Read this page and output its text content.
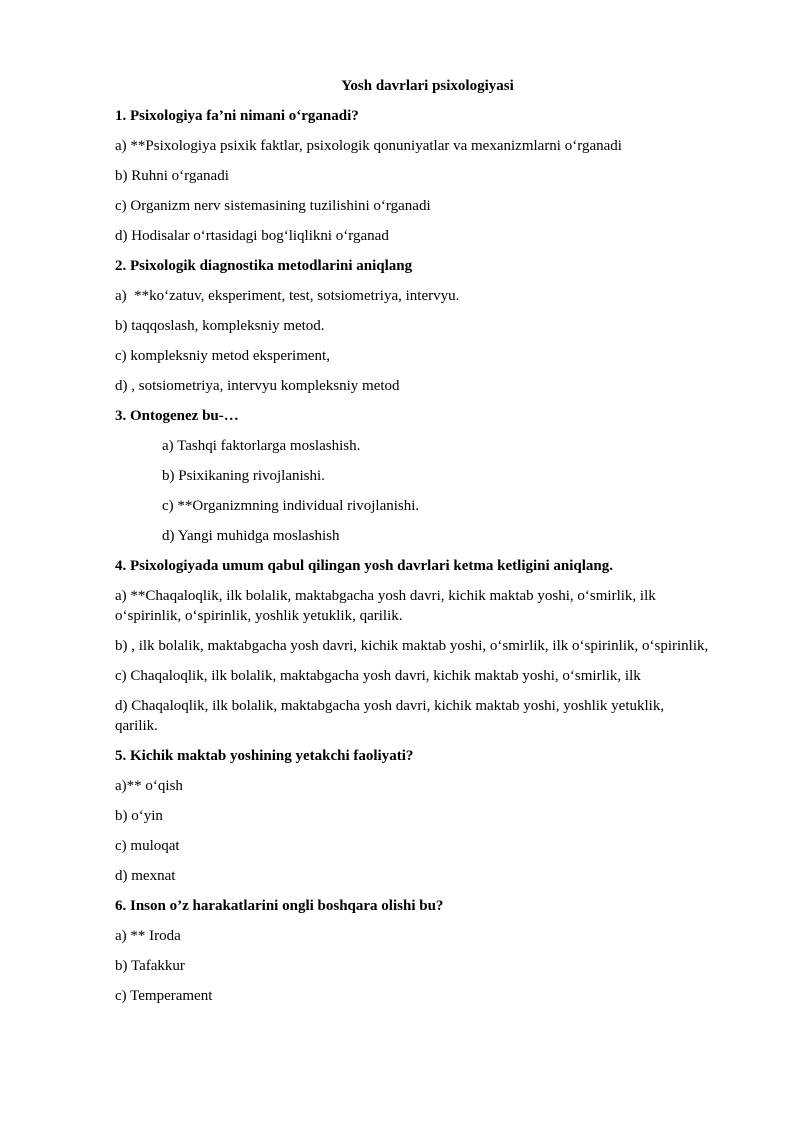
Yosh davrlari psixologiyasi
1. Psixologiya fa’ni nimani o‘rganadi?
a) **Psixologiya psixik faktlar, psixologik qonuniyatlar va mexanizmlarni o‘rganadi
b) Ruhni o‘rganadi
c) Organizm nerv sistemasining tuzilishini o‘rganadi
d) Hodisalar o‘rtasidagi bog‘liqlikni o‘rganad
2. Psixologik diagnostika metodlarini aniqlang
a)  **ko‘zatuv, eksperiment, test, sotsiometriya, intervyu.
b) taqqoslash, kompleksniy metod.
c) kompleksniy metod eksperiment,
d) , sotsiometriya, intervyu kompleksniy metod
3. Ontogenez bu-…
a) Tashqi faktorlarga moslashish.
b) Psixikaning rivojlanishi.
c) **Organizmning individual rivojlanishi.
d) Yangi muhidga moslashish
4. Psixologiyada umum qabul qilingan yosh davrlari ketma ketligini aniqlang.
a) **Chaqaloqlik, ilk bolalik, maktabgacha yosh davri, kichik maktab yoshi, o‘smirlik, ilk o‘spirinlik, o‘spirinlik, yoshlik yetuklik, qarilik.
b) , ilk bolalik, maktabgacha yosh davri, kichik maktab yoshi, o‘smirlik, ilk o‘spirinlik, o‘spirinlik,
c) Chaqaloqlik, ilk bolalik, maktabgacha yosh davri, kichik maktab yoshi, o‘smirlik, ilk
d) Chaqaloqlik, ilk bolalik, maktabgacha yosh davri, kichik maktab yoshi, yoshlik yetuklik, qarilik.
5. Kichik maktab yoshining yetakchi faoliyati?
a)** o‘qish
b) o‘yin
c) muloqat
d) mexnat
6. Inson o’z harakatlarini ongli boshqara olishi bu?
a) ** Iroda
b) Tafakkur
c) Temperament
